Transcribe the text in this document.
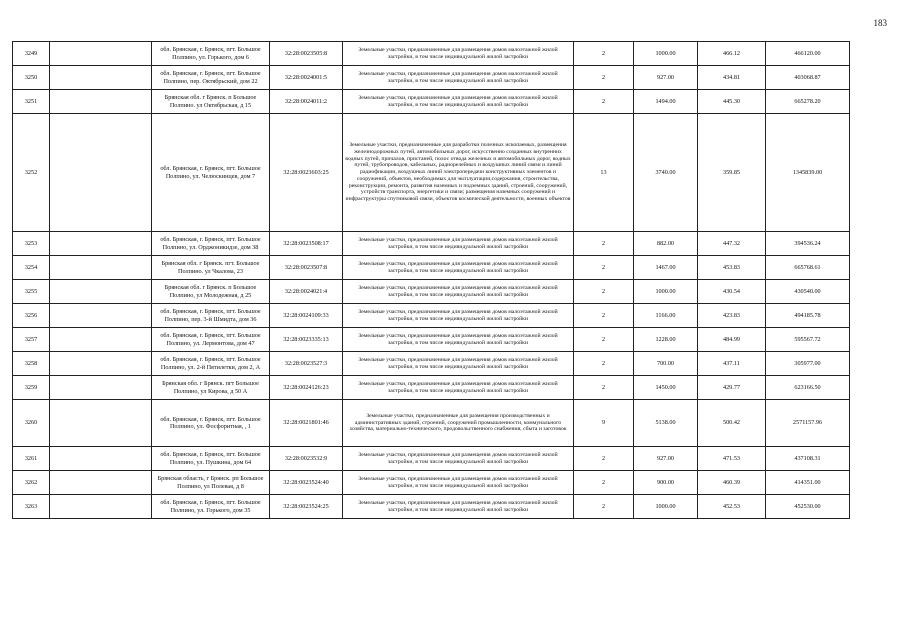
183
3249		обл. Брянская, г. Брянск, пгт. Большое Полпино, ул. Горького, дом 6	32:28:0023505:8	Земельные участки, предназначенные для размещения домов малоэтажной жилой застройки, в том числе индивидуальной жилой застройки	2	1000.00	466.12	466120.00
3250		обл. Брянская, г. Брянск, пгт. Большое Полпино, пер. Октябрьский, дом 22	32:28:0024001:5	Земельные участки, предназначенные для размещения домов малоэтажной жилой застройки, в том числе индивидуальной жилой застройки	2	927.00	434.81	403068.87
3251		Брянская обл. г Брянск. п Большое Полпино. ул Октябрьская, д 15	32:28:0024011:2	Земельные участки, предназначенные для размещения домов малоэтажной жилой застройки, в том числе индивидуальной жилой застройки	2	1494.00	445.30	665278.20
3252		обл. Брянская, г. Брянск, пгт. Большое Полпино, ул. Челюскинцев, дом 7	32:28:0023603:25	Земельные участки, предназначенные для разработки полезных ископаемых, размещения железнодорожных путей, автомобильных дорог, искусственно созданных внутренних водных путей, причалов, пристаней, полос отвода железных и автомобильных дорог, водных путей, трубопроводов, кабельных, радиорелейных и воздушных линий связи и линий радиофикации, воздушных линий электропередачи конструктивных элементов и сооружений, объектов, необходимых для эксплуатации,содержания, строительства, реконструкции, ремонта, развития наземных и подземных зданий, строений, сооружений, устройств транспорта, энергетики и связи; размещения наземных сооружений и инфраструктуры спутниковой связи, объектов космической деятельности, военных объектов	13	3740.00	359.85	1345839.00
3253		обл. Брянская, г. Брянск, пгт. Большое Полпино, ул. Орджоникидзе, дом 38	32:28:0023508:17	Земельные участки, предназначенные для размещения домов малоэтажной жилой застройки, в том числе индивидуальной жилой застройки	2	882.00	447.32	394536.24
3254		Брянская обл. г Брянск. пгт. Большое Полпино. ул Чкалова, 23	32:28:0023507:8	Земельные участки, предназначенные для размещения домов малоэтажной жилой застройки, в том числе индивидуальной жилой застройки	2	1467.00	453.83	665768.61
3255		Брянская обл. г Брянск. п Большое Полпино, ул Молодежная, д 25	32:28:0024021:4	Земельные участки, предназначенные для размещения домов малоэтажной жилой застройки, в том числе индивидуальной жилой застройки	2	1000.00	430.54	430540.00
3256		обл. Брянская, г. Брянск, пгт. Большое Полпино, пер. 3-й Шмидта, дом 36	32:28:0024109:33	Земельные участки, предназначенные для размещения домов малоэтажной жилой застройки, в том числе индивидуальной жилой застройки	2	1166.00	423.83	494185.78
3257		обл. Брянская, г. Брянск, пгт. Большое Полпино, ул. Лермонтова, дом 47	32:28:0023335:13	Земельные участки, предназначенные для размещения домов малоэтажной жилой застройки, в том числе индивидуальной жилой застройки	2	1228.00	484.99	595567.72
3258		обл. Брянская, г. Брянск, пгт. Большое Полпино, ул. 2-й Пятилетки, дом 2, А	32:28:0023527:3	Земельные участки, предназначенные для размещения домов малоэтажной жилой застройки, в том числе индивидуальной жилой застройки	2	700.00	437.11	305977.00
3259		Брянская обл. г Брянск. пгт Большое Полпино, ул Кирова, д 50 А	32:28:0024126:23	Земельные участки, предназначенные для размещения домов малоэтажной жилой застройки, в том числе индивидуальной жилой застройки	2	1450.00	429.77	623166.50
3260		обл. Брянская, г. Брянск, пгт. Большое Полпино, ул. Фосфоритная, , 1	32:28:0021801:46	Земельные участки, предназначенные для размещения производственных и административных зданий, строений, сооружений промышленности, коммунального хозяйства, материально-технического, продовольственного снабжения, сбыта и заготовок	9	5138.00	500.42	2571157.96
3261		обл. Брянская, г. Брянск, пгт. Большое Полпино, ул. Пушкина, дом 64	32:28:0023532:9	Земельные участки, предназначенные для размещения домов малоэтажной жилой застройки, в том числе индивидуальной жилой застройки	2	927.00	471.53	437108.31
3262		Брянская область, г Брянск. рп Большое Полпино, ул Полевая, д 8	32:28:0023524:40	Земельные участки, предназначенные для размещения домов малоэтажной жилой застройки, в том числе индивидуальной жилой застройки	2	900.00	460.39	414351.00
3263		обл. Брянская, г. Брянск, пгт. Большое Полпино, ул. Горького, дом 35	32:28:0023524:25	Земельные участки, предназначенные для размещения домов малоэтажной жилой застройки, в том числе индивидуальной жилой застройки	2	1000.00	452.53	452530.00
